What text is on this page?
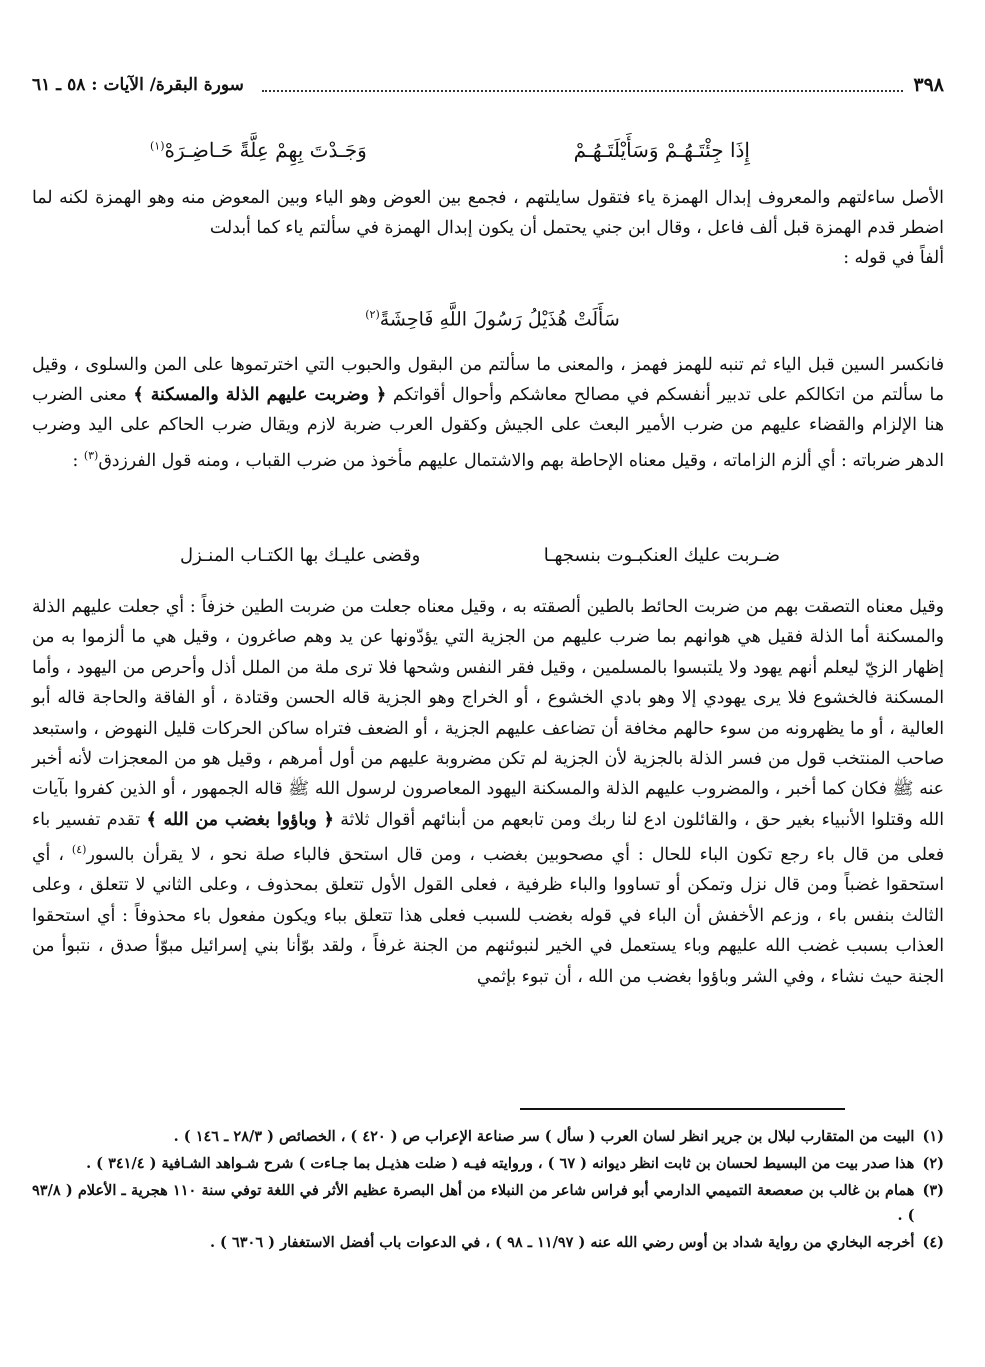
٣٩٨
سورة البقرة/ الآيات : ٥٨ ـ ٦١
إِذَا جِئْتَـهُـمْ وَسَأَيْلَتَـهُـمْ
وَجَـدْتَ بِهِمْ عِلَّةً حَـاضِـرَهْ$^{(١)}$
الأصل ساءلتهم والمعروف إبدال الهمزة ياء فتقول سايلتهم ، فجمع بين العوض وهو الياء وبين المعوض منه وهو الهمزة لكنه لما اضطر قدم الهمزة قبل ألف فاعل ، وقال ابن جني يحتمل أن يكون إبدال الهمزة في سألتم ياء كما أبدلت
ألفاً في قوله :
سَأَلَتْ هُذَيْلُ رَسُولَ اللَّهِ فَاحِشَةً$^{(٢)}$
فانكسر السين قبل الياء ثم تنبه للهمز فهمز ، والمعنى ما سألتم من البقول والحبوب التي اخترتموها على المن والسلوى ، وقيل ما سألتم من اتكالكم على تدبير أنفسكم في مصالح معاشكم وأحوال أقواتكم ﴿ وضربت عليهم الذلة والمسكنة ﴾ معنى الضرب هنا الإلزام والقضاء عليهم من ضرب الأمير البعث على الجيش وكقول العرب ضربة لازم ويقال ضرب الحاكم على اليد وضرب الدهر ضرباته : أي ألزم الزاماته ، وقيل معناه الإحاطة بهم والاشتمال عليهم مأخوذ من ضرب القباب ، ومنه قول الفرزدق$^{(٣)}$ :
ضـربت عليك العنكبـوت بنسجهـا
وقضى عليـك بها الكتـاب المنـزل
وقيل معناه التصقت بهم من ضربت الحائط بالطين ألصقته به ، وقيل معناه جعلت من ضربت الطين خزفاً : أي جعلت عليهم الذلة والمسكنة أما الذلة فقيل هي هوانهم بما ضرب عليهم من الجزية التي يؤدّونها عن يد وهم صاغرون ، وقيل هي ما ألزموا به من إظهار الزيّ ليعلم أنهم يهود ولا يلتبسوا بالمسلمين ، وقيل فقر النفس وشحها فلا ترى ملة من الملل أذل وأحرص من اليهود ، وأما المسكنة فالخشوع فلا يرى يهودي إلا وهو بادي الخشوع ، أو الخراج وهو الجزية قاله الحسن وقتادة ، أو الفاقة والحاجة قاله أبو العالية ، أو ما يظهرونه من سوء حالهم مخافة أن تضاعف عليهم الجزية ، أو الضعف فتراه ساكن الحركات قليل النهوض ، واستبعد صاحب المنتخب قول من فسر الذلة بالجزية لأن الجزية لم تكن مضروبة عليهم من أول أمرهم ، وقيل هو من المعجزات لأنه أخبر عنه ﷺ فكان كما أخبر ، والمضروب عليهم الذلة والمسكنة اليهود المعاصرون لرسول الله ﷺ قاله الجمهور ، أو الذين كفروا بآيات الله وقتلوا الأنبياء بغير حق ، والقائلون ادع لنا ربك ومن تابعهم من أبنائهم أقوال ثلاثة ﴿ وباؤوا بغضب من الله ﴾ تقدم تفسير باء فعلى من قال باء رجع تكون الباء للحال : أي مصحوبين بغضب ، ومن قال استحق فالباء صلة نحو ، لا يقرأن بالسور$^{(٤)}$ ، أي استحقوا غضباً ومن قال نزل وتمكن أو تساووا والباء ظرفية ، فعلى القول الأول تتعلق بمحذوف ، وعلى الثاني لا تتعلق ، وعلى الثالث بنفس باء ، وزعم الأخفش أن الباء في قوله بغضب للسبب فعلى هذا تتعلق بباء ويكون مفعول باء محذوفاً : أي استحقوا العذاب بسبب غضب الله عليهم وباء يستعمل في الخير لنبوئنهم من الجنة غرفاً ، ولقد بوّأنا بني إسرائيل مبوّأ صدق ، نتبوأ من الجنة حيث نشاء ، وفي الشر وباؤوا بغضب من الله ، أن تبوء بإثمي
(١)
البيت من المتقارب لبلال بن جرير انظر لسان العرب ( سأل ) سر صناعة الإعراب ص ( ٤٢٠ ) ، الخصائص ( ٢٨/٣ ـ ١٤٦ ) .
(٢)
هذا صدر بيت من البسيط لحسان بن ثابت انظر ديوانه ( ٦٧ ) ، وروايته فيـه ( ضلت هذيـل بما جـاءت ) شرح شـواهد الشـافية ( ٣٤١/٤ ) .
(٣)
همام بن غالب بن صعصعة التميمي الدارمي أبو فراس شاعر من النبلاء من أهل البصرة عظيم الأثر في اللغة توفي سنة ١١٠ هجرية ـ الأعلام ( ٩٣/٨ ) .
(٤)
أخرجه البخاري من رواية شداد بن أوس رضي الله عنه ( ١١/٩٧ ـ ٩٨ ) ، في الدعوات باب أفضل الاستغفار ( ٦٣٠٦ ) .
